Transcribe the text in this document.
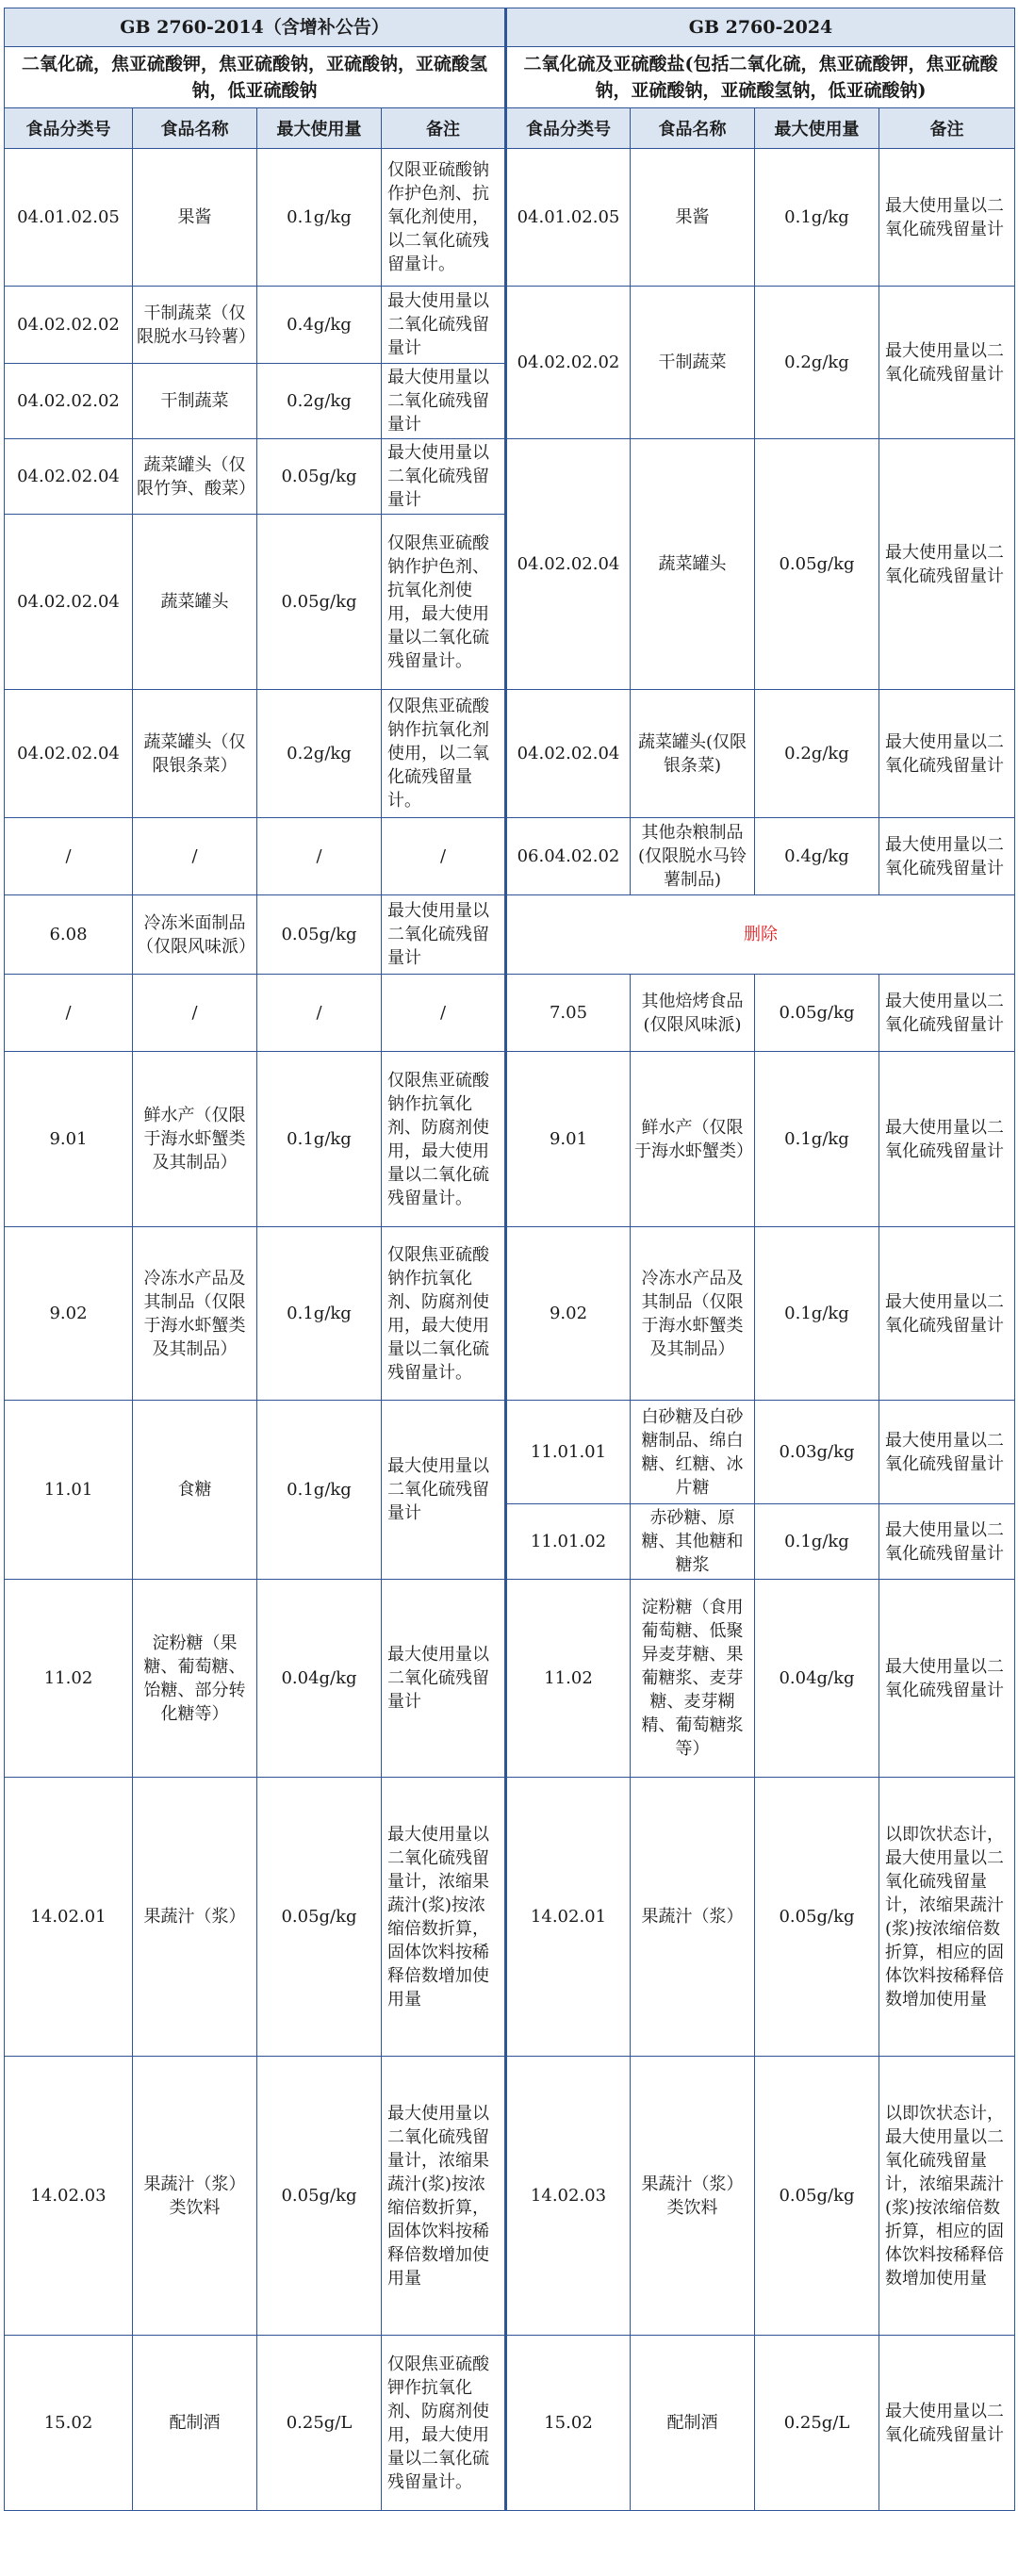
GB 2760-2014（含增补公告）				GB 2760-2024			
二氧化硫，焦亚硫酸钾，焦亚硫酸钠，亚硫酸钠，亚硫酸氢钠，低亚硫酸钠				二氧化硫及亚硫酸盐(包括二氧化硫，焦亚硫酸钾，焦亚硫酸钠，亚硫酸钠，亚硫酸氢钠，低亚硫酸钠)			
食品分类号	食品名称	最大使用量	备注	食品分类号	食品名称	最大使用量	备注
04.01.02.05	果酱	0.1g/kg	仅限亚硫酸钠作护色剂、抗氧化剂使用，以二氧化硫残留量计。	04.01.02.05	果酱	0.1g/kg	最大使用量以二氧化硫残留量计
04.02.02.02	干制蔬菜（仅限脱水马铃薯）	0.4g/kg	最大使用量以二氧化硫残留量计	04.02.02.02	干制蔬菜	0.2g/kg	最大使用量以二氧化硫残留量计
04.02.02.02	干制蔬菜	0.2g/kg	最大使用量以二氧化硫残留量计				
04.02.02.04	蔬菜罐头（仅限竹笋、酸菜）	0.05g/kg	最大使用量以二氧化硫残留量计	04.02.02.04	蔬菜罐头	0.05g/kg	最大使用量以二氧化硫残留量计
04.02.02.04	蔬菜罐头	0.05g/kg	仅限焦亚硫酸钠作护色剂、抗氧化剂使用，最大使用量以二氧化硫残留量计。				
04.02.02.04	蔬菜罐头（仅限银条菜）	0.2g/kg	仅限焦亚硫酸钠作抗氧化剂使用，以二氧化硫残留量计。	04.02.02.04	蔬菜罐头(仅限银条菜)	0.2g/kg	最大使用量以二氧化硫残留量计
/	/	/	/	06.04.02.02	其他杂粮制品(仅限脱水马铃薯制品)	0.4g/kg	最大使用量以二氧化硫残留量计
6.08	冷冻米面制品（仅限风味派）	0.05g/kg	最大使用量以二氧化硫残留量计	删除			
/	/	/	/	7.05	其他焙烤食品(仅限风味派)	0.05g/kg	最大使用量以二氧化硫残留量计
9.01	鲜水产（仅限于海水虾蟹类及其制品）	0.1g/kg	仅限焦亚硫酸钠作抗氧化剂、防腐剂使用，最大使用量以二氧化硫残留量计。	9.01	鲜水产（仅限于海水虾蟹类）	0.1g/kg	最大使用量以二氧化硫残留量计
9.02	冷冻水产品及其制品（仅限于海水虾蟹类及其制品）	0.1g/kg	仅限焦亚硫酸钠作抗氧化剂、防腐剂使用，最大使用量以二氧化硫残留量计。	9.02	冷冻水产品及其制品（仅限于海水虾蟹类及其制品）	0.1g/kg	最大使用量以二氧化硫残留量计
11.01	食糖	0.1g/kg	最大使用量以二氧化硫残留量计	11.01.01	白砂糖及白砂糖制品、绵白糖、红糖、冰片糖	0.03g/kg	最大使用量以二氧化硫残留量计
				11.01.02	赤砂糖、原糖、其他糖和糖浆	0.1g/kg	最大使用量以二氧化硫残留量计
11.02	淀粉糖（果糖、葡萄糖、饴糖、部分转化糖等）	0.04g/kg	最大使用量以二氧化硫残留量计	11.02	淀粉糖（食用葡萄糖、低聚异麦芽糖、果葡糖浆、麦芽糖、麦芽糊精、葡萄糖浆等）	0.04g/kg	最大使用量以二氧化硫残留量计
14.02.01	果蔬汁（浆）	0.05g/kg	最大使用量以二氧化硫残留量计，浓缩果蔬汁(浆)按浓缩倍数折算，固体饮料按稀释倍数增加使用量	14.02.01	果蔬汁（浆）	0.05g/kg	以即饮状态计，最大使用量以二氧化硫残留量计，浓缩果蔬汁(浆)按浓缩倍数折算，相应的固体饮料按稀释倍数增加使用量
14.02.03	果蔬汁（浆）类饮料	0.05g/kg	最大使用量以二氧化硫残留量计，浓缩果蔬汁(浆)按浓缩倍数折算，固体饮料按稀释倍数增加使用量	14.02.03	果蔬汁（浆）类饮料	0.05g/kg	以即饮状态计，最大使用量以二氧化硫残留量计，浓缩果蔬汁(浆)按浓缩倍数折算，相应的固体饮料按稀释倍数增加使用量
15.02	配制酒	0.25g/L	仅限焦亚硫酸钾作抗氧化剂、防腐剂使用，最大使用量以二氧化硫残留量计。	15.02	配制酒	0.25g/L	最大使用量以二氧化硫残留量计
